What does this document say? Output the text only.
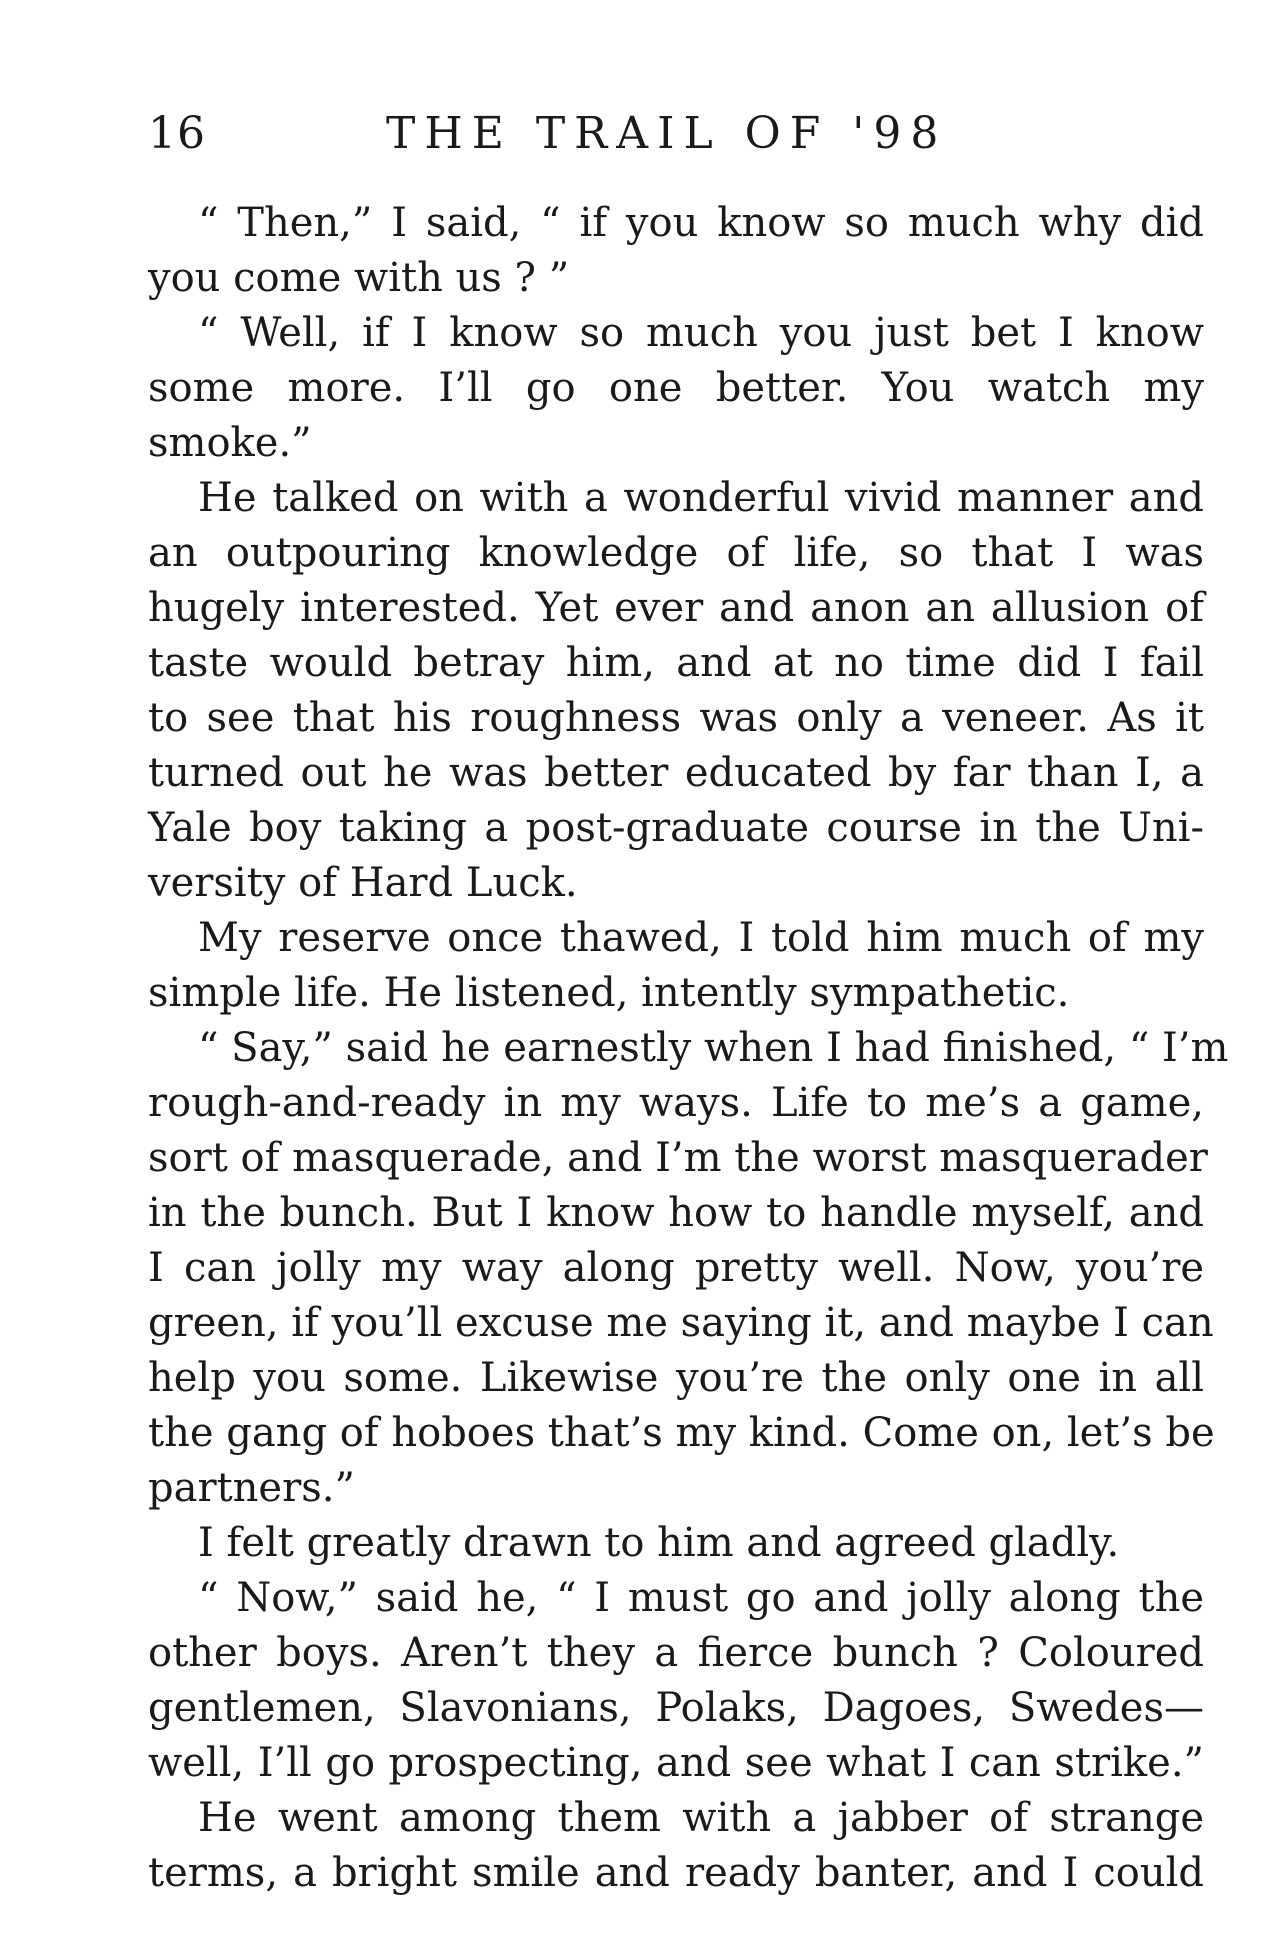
16	THE TRAIL OF '98
“ Then,” I said, “ if you know so much why did
you come with us ? ”
“ Well, if I know so much you just bet I know
some more. I’ll go one better. You watch my
smoke.”
He talked on with a wonderful vivid manner and
an outpouring knowledge of life, so that I was
hugely interested. Yet ever and anon an allusion of
taste would betray him, and at no time did I fail
to see that his roughness was only a veneer. As it
turned out he was better educated by far than I, a
Yale boy taking a post-graduate course in the Uni-
versity of Hard Luck.
My reserve once thawed, I told him much of my
simple life. He listened, intently sympathetic.
“ Say,” said he earnestly when I had finished, “ I’m
rough-and-ready in my ways. Life to me’s a game,
sort of masquerade, and I’m the worst masquerader
in the bunch. But I know how to handle myself, and
I can jolly my way along pretty well. Now, you’re
green, if you’ll excuse me saying it, and maybe I can
help you some. Likewise you’re the only one in all
the gang of hoboes that’s my kind. Come on, let’s be
partners.”
I felt greatly drawn to him and agreed gladly.
“ Now,” said he, “ I must go and jolly along the
other boys. Aren’t they a fierce bunch ? Coloured
gentlemen, Slavonians, Polaks, Dagoes, Swedes—
well, I’ll go prospecting, and see what I can strike.”
He went among them with a jabber of strange
terms, a bright smile and ready banter, and I could
